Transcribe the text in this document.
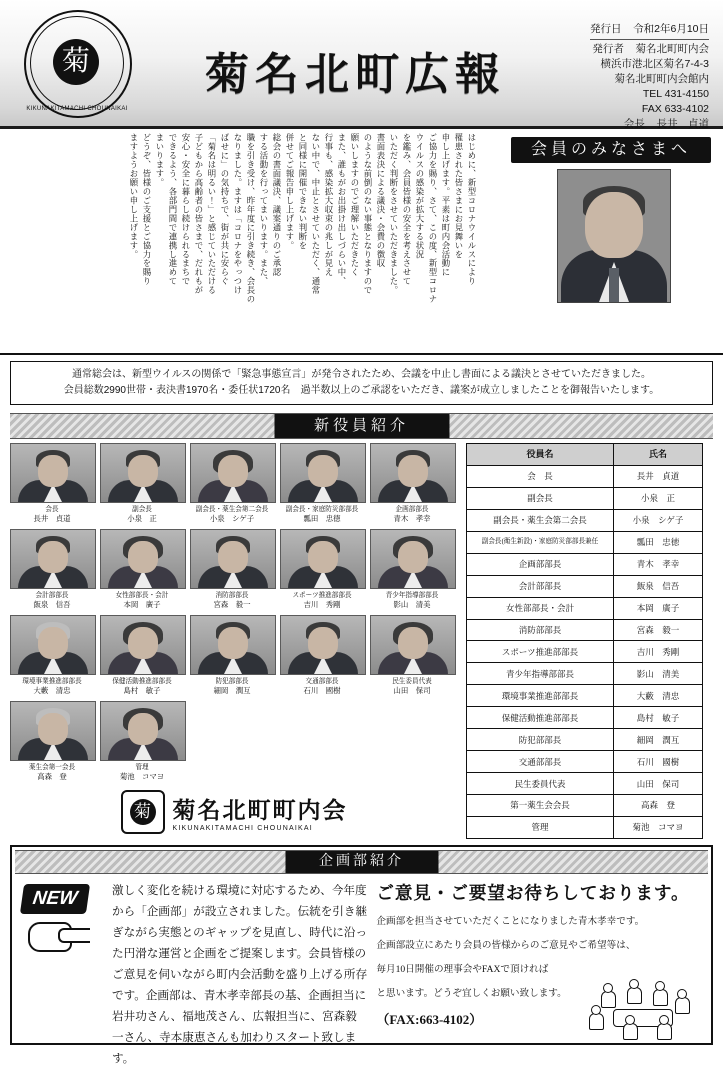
菊
KIKUNAKITAMACHI CHOUNAIKAI
菊名北町広報
発行日 令和2年6月10日
発行者 菊名北町町内会
横浜市港北区菊名7-4-3
菊名北町町内会館内
TEL 431-4150
FAX 633-4102
会長 長井　貞道
会員のみなさまへ
はじめに、新型コロナウイルスにより
罹患された皆さまにお見舞いを
申し上げます。平素は町内会活動に
ご協力を賜り、さて、この度、新型コロナ
ウイルスの感染が拡大する状況
を鑑み、会員皆様の安全を考えさせて
いただく判断をさせていただきました。
書面表決による議決・会費の徴収
のような前倒のない事態となりますので
願いしますのでご理解いただきたく
また、誰もがお出掛け出しづらい中、
行事も、感染拡大収束の兆しが見え
ない中で、中止とさせていただく、通常
と同様に開催できない判断を
併せてご報告申し上げます。
総会の書面議決、議案通りのご承認
する活動を行ってまいります。また、
職を引き受け、昨年度に引き続き、会長の
なりました。ますは「コロナをやっつけ
ばせに」の気持ちで、街が共に安らぐ
「菊名は明るい！」と感じていただける
子どもから高齢者の皆さまで、だれもが
安心・安全に暮らし続けられるまちで
できるよう、各部門間で連携し進めて
まいります。
どうぞ、皆様のご支援とご協力を賜り
ますようお願い申し上げます。
通常総会は、新型ウイルスの関係で「緊急事態宣言」が発令されたため、会議を中止し書面による議決とさせていただきました。
会員総数2990世帯・表決書1970名・委任状1720名　過半数以上のご承認をいただき、議案が成立しましたことを御報告いたします。
新役員紹介
会長
長井　貞道
副会長
小泉　正
副会長・薬生会第二会長
小泉　シゲ子
副会長・家庭防災部部長
瓢田　忠徳
企画部部長
青木　孝幸
会計部部長
飯泉　信吾
女性部部長・会計
本岡　廣子
消防部部長
宮森　毅一
スポーツ推進部部長
吉川　秀剛
青少年指導部部長
影山　清美
環境事業推進部部長
大藪　清忠
保健活動推進部部長
島村　敏子
防犯部部長
細岡　潤互
交通部部長
石川　國樹
民生委員代表
山田　保司
薬生会第一会長
高森　登
管理
菊池　コマヨ
菊 菊名北町町内会
KIKUNAKITAMACHI CHOUNAIKAI
役員名	氏名
会　長	長井　貞道
副会長	小泉　正
副会長・薬生会第二会長	小泉　シゲ子
副会長(衛生新設)・家庭防災部部長兼任	瓢田　忠徳
企画部部長	青木　孝幸
会計部部長	飯泉　信吾
女性部部長・会計	本岡　廣子
消防部部長	宮森　毅一
スポーツ推進部部長	吉川　秀剛
青少年指導部部長	影山　清美
環境事業推進部部長	大藪　清忠
保健活動推進部部長	島村　敏子
防犯部部長	細岡　潤互
交通部部長	石川　國樹
民生委員代表	山田　保司
第一薬生会会長	高森　登
管理	菊池　コマヨ
企画部紹介
NEW	激しく変化を続ける環境に対応するため、今年度から「企画部」が設立されました。伝統を引き継ぎながら実態とのギャップを見直し、時代に沿った円滑な運営と企画をご提案します。会員皆様のご意見を伺いながら町内会活動を盛り上げる所存です。企画部は、青木孝幸部長の基、企画担当に岩井功さん、福地茂さん、広報担当に、宮森毅一さん、寺本康恵さんも加わりスタート致します。

ご意見・ご要望お待ちしております。

企画部を担当させていただくことになりました青木孝幸です。

企画部設立にあたり会員の皆様からのご意見やご希望等は、

毎月10日開催の理事会やFAXで頂ければ

と思います。どうぞ宜しくお願い致します。

（FAX:663-4102）
